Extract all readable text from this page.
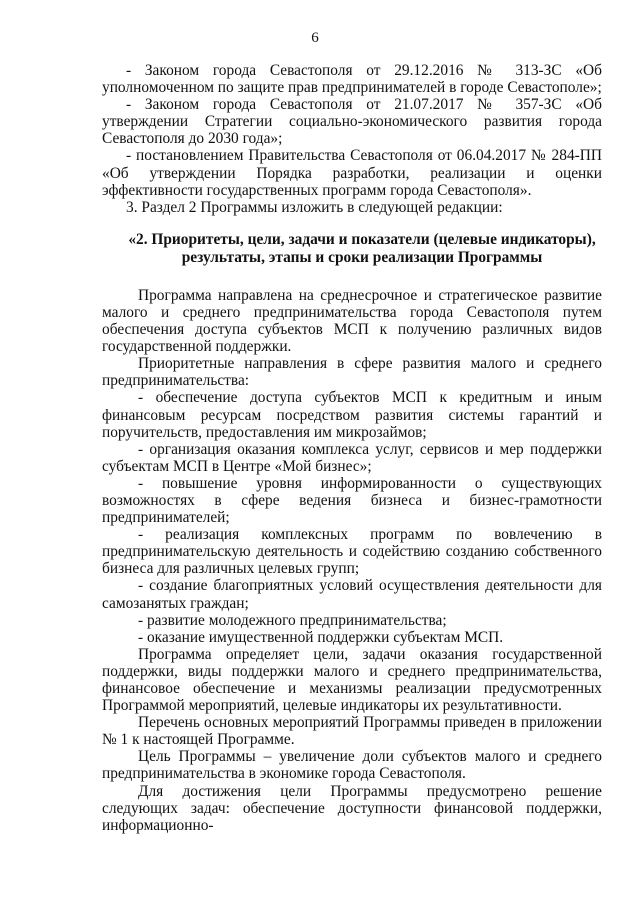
6

- Законом города Севастополя от 29.12.2016 № 313-ЗС «Об уполномоченном по защите прав предпринимателей в городе Севастополе»;

- Законом города Севастополя от 21.07.2017 № 357-ЗС «Об утверждении Стратегии социально-экономического развития города Севастополя до 2030 года»;

- постановлением Правительства Севастополя от 06.04.2017 № 284-ПП «Об утверждении Порядка разработки, реализации и оценки эффективности государственных программ города Севастополя».

3. Раздел 2 Программы изложить в следующей редакции:

«2. Приоритеты, цели, задачи и показатели (целевые индикаторы), результаты, этапы и сроки реализации Программы

Программа направлена на среднесрочное и стратегическое развитие малого и среднего предпринимательства города Севастополя путем обеспечения доступа субъектов МСП к получению различных видов государственной поддержки.

Приоритетные направления в сфере развития малого и среднего предпринимательства:

- обеспечение доступа субъектов МСП к кредитным и иным финансовым ресурсам посредством развития системы гарантий и поручительств, предоставления им микрозаймов;

- организация оказания комплекса услуг, сервисов и мер поддержки субъектам МСП в Центре «Мой бизнес»;

- повышение уровня информированности о существующих возможностях в сфере ведения бизнеса и бизнес-грамотности предпринимателей;

- реализация комплексных программ по вовлечению в предпринимательскую деятельность и содействию созданию собственного бизнеса для различных целевых групп;

- создание благоприятных условий осуществления деятельности для самозанятых граждан;

- развитие молодежного предпринимательства;

- оказание имущественной поддержки субъектам МСП.

Программа определяет цели, задачи оказания государственной поддержки, виды поддержки малого и среднего предпринимательства, финансовое обеспечение и механизмы реализации предусмотренных Программой мероприятий, целевые индикаторы их результативности.

Перечень основных мероприятий Программы приведен в приложении № 1 к настоящей Программе.

Цель Программы – увеличение доли субъектов малого и среднего предпринимательства в экономике города Севастополя.

Для достижения цели Программы предусмотрено решение следующих задач: обеспечение доступности финансовой поддержки, информационно-
